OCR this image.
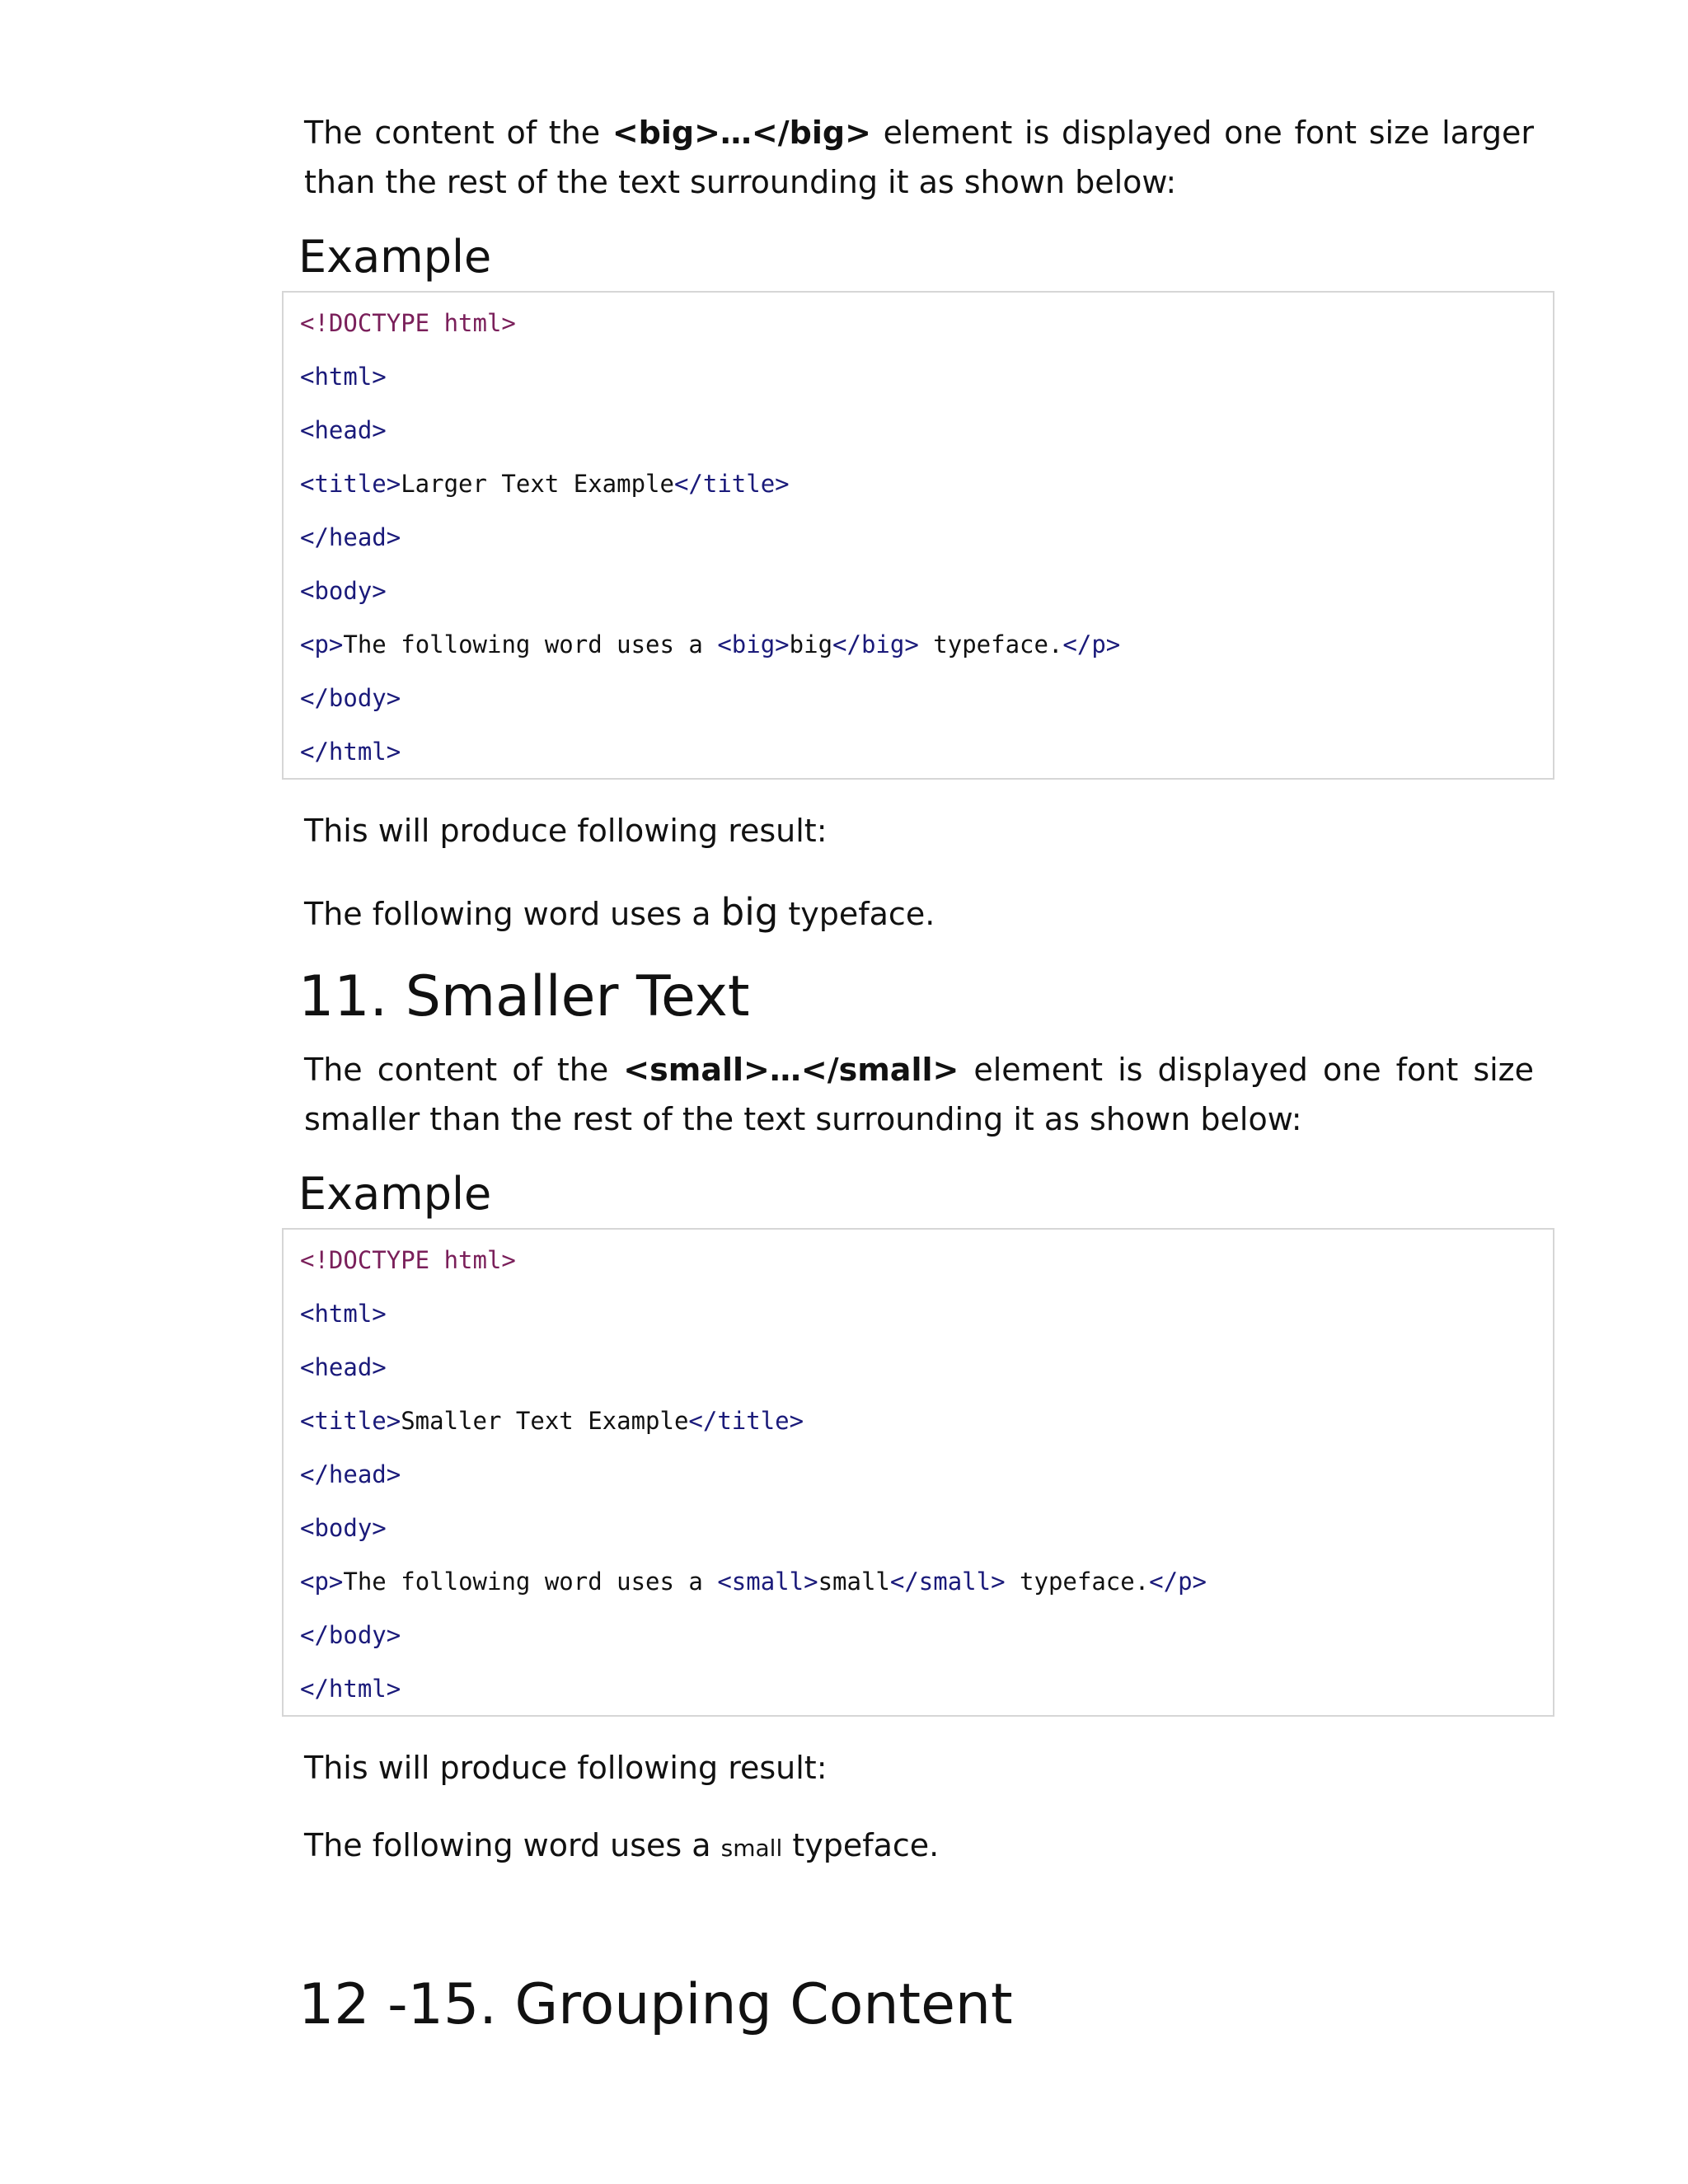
The content of the <big>…</big> element is displayed one font size larger than the rest of the text surrounding it as shown below:

Example
<!DOCTYPE html>
<html>
<head>
<title>Larger Text Example</title>
</head>
<body>
<p>The following word uses a <big>big</big> typeface.</p>
</body>
</html>

This will produce following result:

The following word uses a big typeface.

11. Smaller Text

The content of the <small>…</small> element is displayed one font size smaller than the rest of the text surrounding it as shown below:

Example
<!DOCTYPE html>
<html>
<head>
<title>Smaller Text Example</title>
</head>
<body>
<p>The following word uses a <small>small</small> typeface.</p>
</body>
</html>

This will produce following result:

The following word uses a small typeface.

12 -15. Grouping Content
